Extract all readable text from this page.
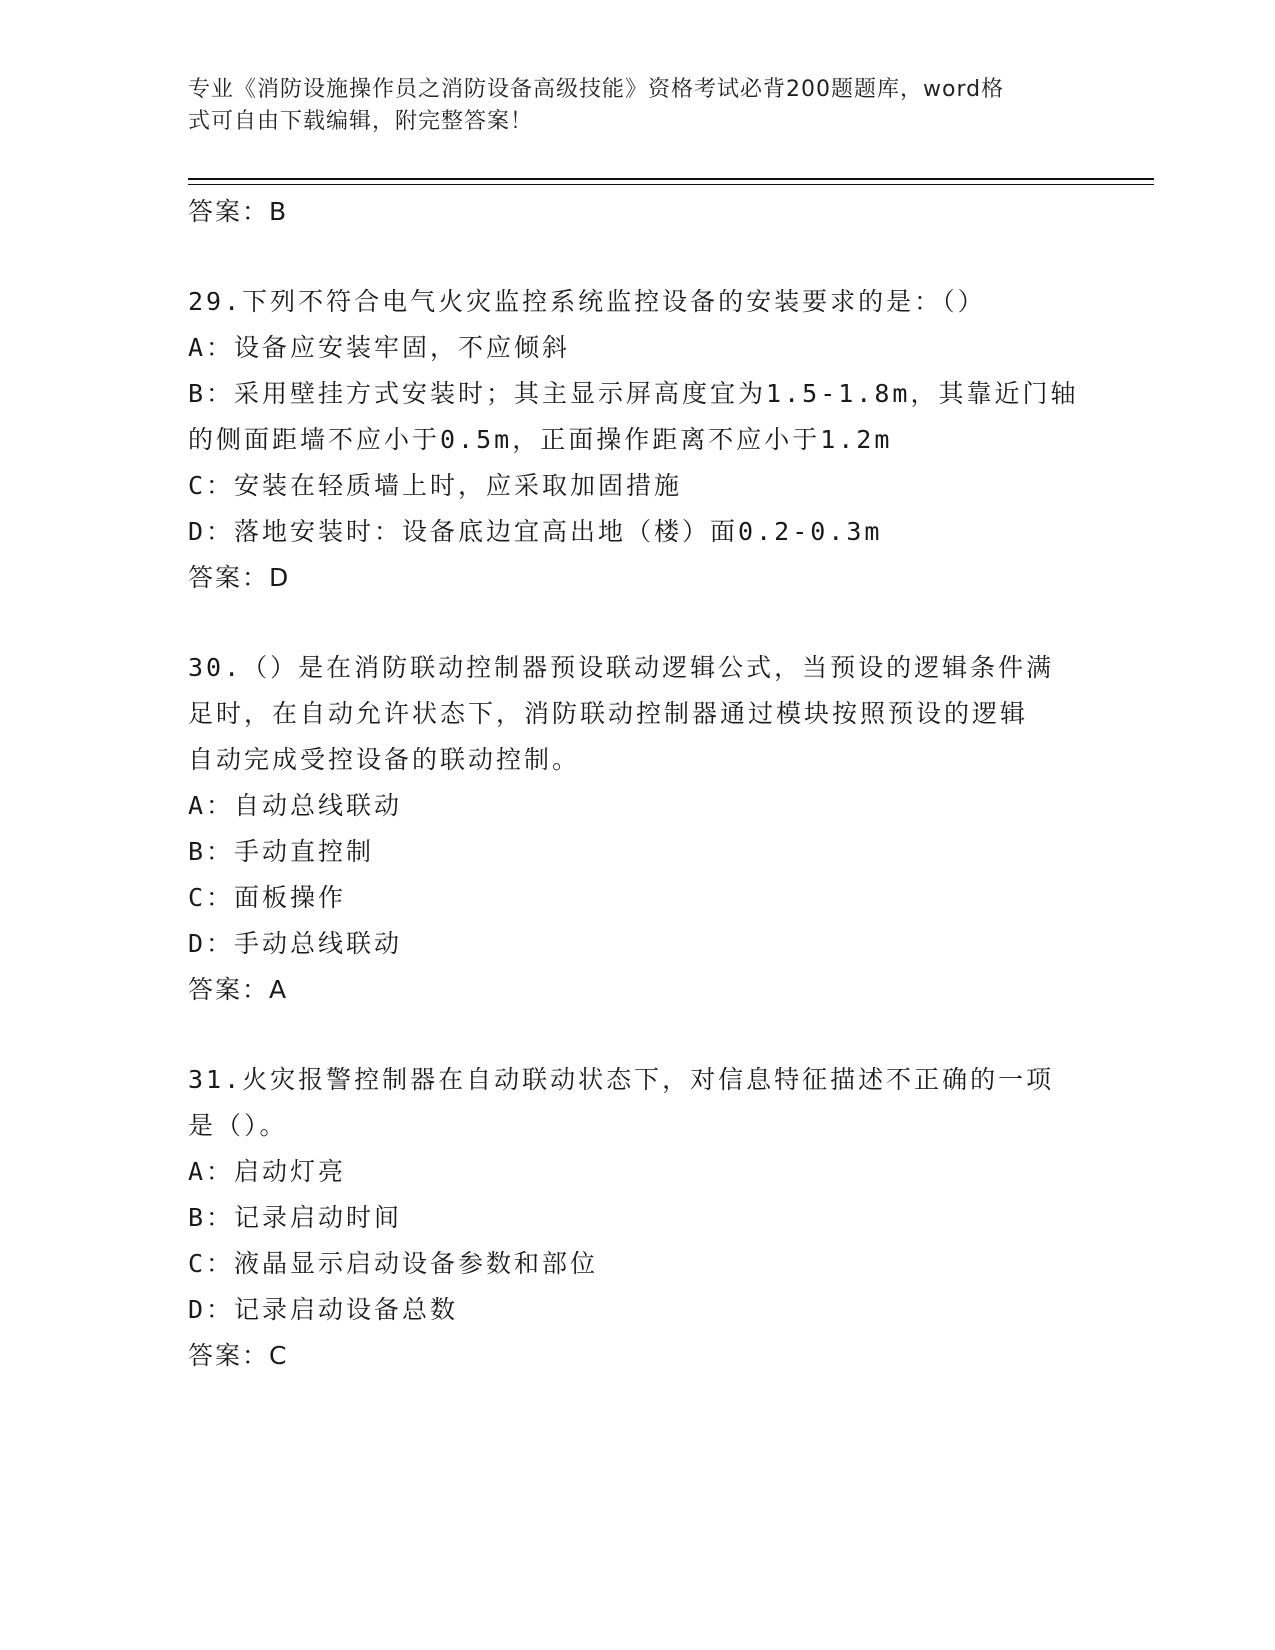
专业《消防设施操作员之消防设备高级技能》资格考试必背200题题库，word格
式可自由下载编辑，附完整答案！
答案：B
29.下列不符合电气火灾监控系统监控设备的安装要求的是：（）
A：设备应安装牢固，不应倾斜
B：采用壁挂方式安装时；其主显示屏高度宜为1.5-1.8m，其靠近门轴
的侧面距墙不应小于0.5m，正面操作距离不应小于1.2m
C：安装在轻质墙上时，应采取加固措施
D：落地安装时：设备底边宜高出地（楼）面0.2-0.3m
答案：D
30.（）是在消防联动控制器预设联动逻辑公式，当预设的逻辑条件满
足时，在自动允许状态下，消防联动控制器通过模块按照预设的逻辑
自动完成受控设备的联动控制。
A：自动总线联动
B：手动直控制
C：面板操作
D：手动总线联动
答案：A
31.火灾报警控制器在自动联动状态下，对信息特征描述不正确的一项
是（）。
A：启动灯亮
B：记录启动时间
C：液晶显示启动设备参数和部位
D：记录启动设备总数
答案：C
